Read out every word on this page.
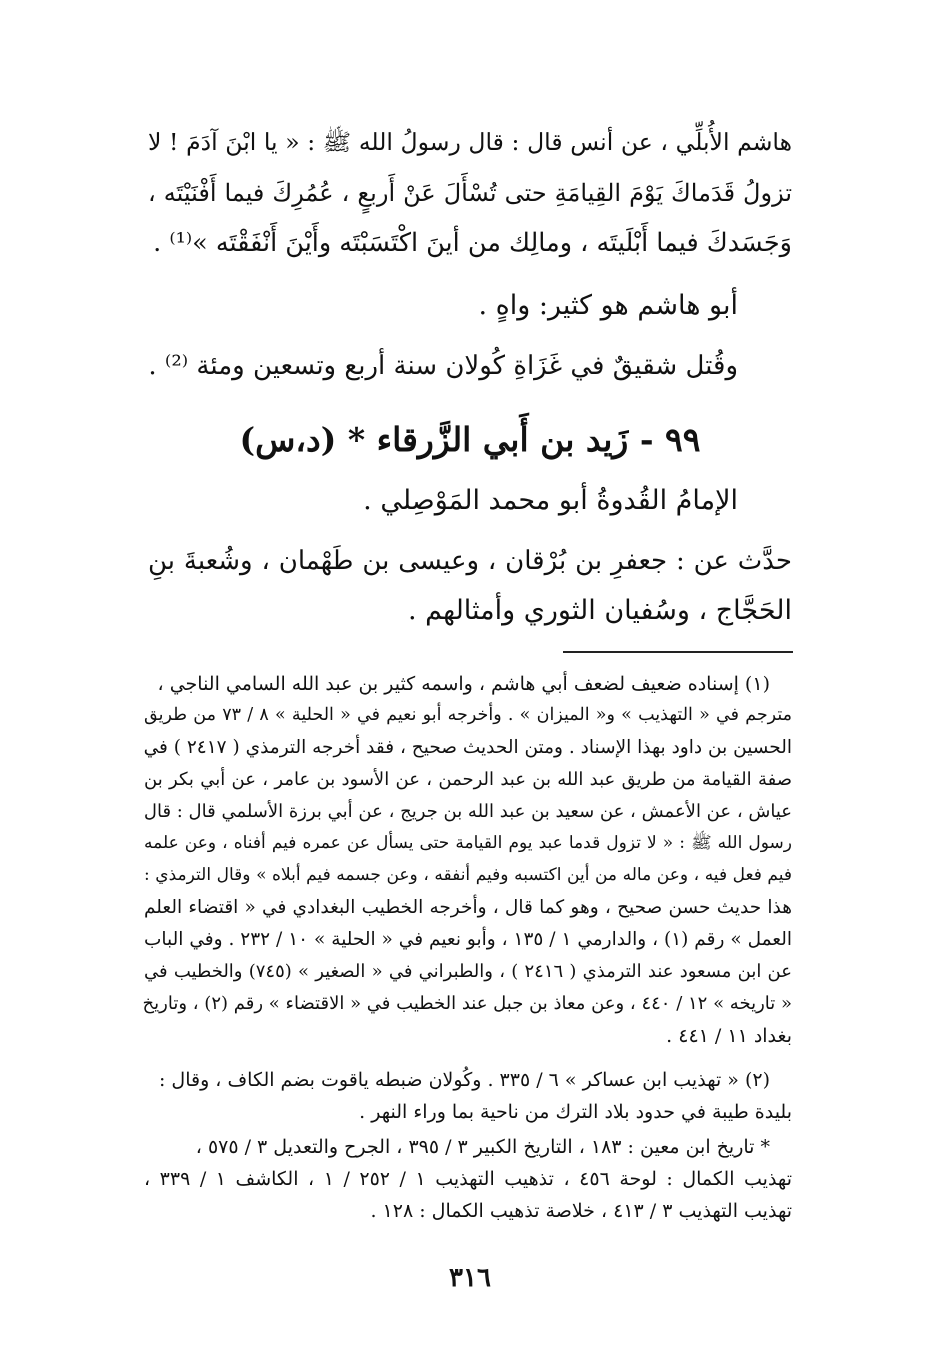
هاشم الأُبلِّي ، عن أنس قال : قال رسولُ الله ﷺ : « يا ابْنَ آدَمَ ! لا
تزولُ قَدَماكَ يَوْمَ القِيامَةِ حتى تُسْأَلَ عَنْ أَربعٍ ، عُمُرِكَ فيما أَفْنَيْتَه ،
وَجَسَدكَ فيما أَبْلَيتَه ، ومالِك من أينَ اكْتَسَبْتَه وأَيْنَ أَنْفَقْتَه »⁽¹⁾ .
أبو هاشم هو كثير: واهٍ .
وقُتل شقيقٌ في غَزَاةِ كُولان سنة أربع وتسعين ومئة ⁽²⁾ .
٩٩ - زَيد بن أَبي الزَّرقاء * (د،س)
الإمامُ القُدوةُ أبو محمد المَوْصِلي .
حدَّث عن : جعفرِ بن بُرْقان ، وعيسى بن طَهْمان ، وشُعبةَ بنِ
الحَجَّاج ، وسُفيان الثوري وأمثالهم .
(١) إسناده ضعيف لضعف أبي هاشم ، واسمه كثير بن عبد الله السامي الناجي ،
مترجم في « التهذيب » و« الميزان » . وأخرجه أبو نعيم في « الحلية » ٨ / ٧٣ من طريق
الحسين بن داود بهذا الإسناد . ومتن الحديث صحيح ، فقد أخرجه الترمذي ( ٢٤١٧ ) في
صفة القيامة من طريق عبد الله بن عبد الرحمن ، عن الأسود بن عامر ، عن أبي بكر بن
عياش ، عن الأعمش ، عن سعيد بن عبد الله بن جريج ، عن أبي برزة الأسلمي قال : قال
رسول الله ﷺ : « لا تزول قدما عبد يوم القيامة حتى يسأل عن عمره فيم أفناه ، وعن علمه
فيم فعل فيه ، وعن ماله من أين اكتسبه وفيم أنفقه ، وعن جسمه فيم أبلاه » وقال الترمذي :
هذا حديث حسن صحيح ، وهو كما قال ، وأخرجه الخطيب البغدادي في « اقتضاء العلم
العمل » رقم (١) ، والدارمي ١ / ١٣٥ ، وأبو نعيم في « الحلية » ١٠ / ٢٣٢ . وفي الباب
عن ابن مسعود عند الترمذي ( ٢٤١٦ ) ، والطبراني في « الصغير » (٧٤٥) والخطيب في
« تاريخه » ١٢ / ٤٤٠ ، وعن معاذ بن جبل عند الخطيب في « الاقتضاء » رقم (٢) ، وتاريخ
بغداد ١١ / ٤٤١ .
(٢) « تهذيب ابن عساكر » ٦ / ٣٣٥ . وكُولان ضبطه ياقوت بضم الكاف ، وقال :
بليدة طيبة في حدود بلاد الترك من ناحية بما وراء النهر .
* تاريخ ابن معين : ١٨٣ ، التاريخ الكبير ٣ / ٣٩٥ ، الجرح والتعديل ٣ / ٥٧٥ ،
تهذيب الكمال : لوحة ٤٥٦ ، تذهيب التهذيب ١ / ٢٥٢ / ١ ، الكاشف ١ / ٣٣٩ ،
تهذيب التهذيب ٣ / ٤١٣ ، خلاصة تذهيب الكمال : ١٢٨ .
٣١٦
